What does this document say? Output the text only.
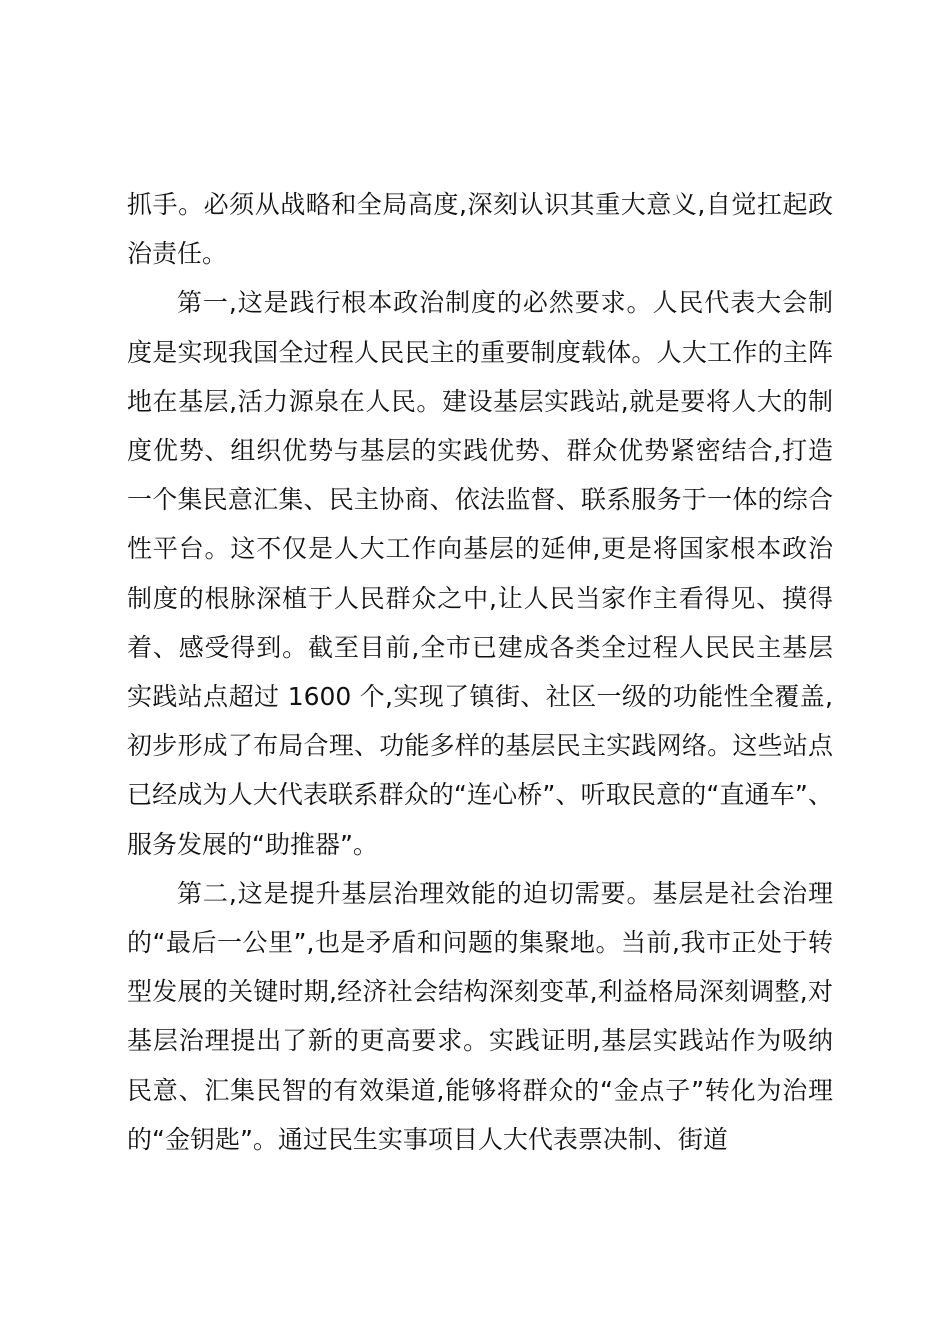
抓手。必须从战略和全局高度,深刻认识其重大意义,自觉扛起政治责任。

第一,这是践行根本政治制度的必然要求。人民代表大会制度是实现我国全过程人民民主的重要制度载体。人大工作的主阵地在基层,活力源泉在人民。建设基层实践站,就是要将人大的制度优势、组织优势与基层的实践优势、群众优势紧密结合,打造一个集民意汇集、民主协商、依法监督、联系服务于一体的综合性平台。这不仅是人大工作向基层的延伸,更是将国家根本政治制度的根脉深植于人民群众之中,让人民当家作主看得见、摸得着、感受得到。截至目前,全市已建成各类全过程人民民主基层实践站点超过 1600 个,实现了镇街、社区一级的功能性全覆盖,初步形成了布局合理、功能多样的基层民主实践网络。这些站点已经成为人大代表联系群众的“连心桥”、听取民意的“直通车”、服务发展的“助推器”。

第二,这是提升基层治理效能的迫切需要。基层是社会治理的“最后一公里”,也是矛盾和问题的集聚地。当前,我市正处于转型发展的关键时期,经济社会结构深刻变革,利益格局深刻调整,对基层治理提出了新的更高要求。实践证明,基层实践站作为吸纳民意、汇集民智的有效渠道,能够将群众的“金点子”转化为治理的“金钥匙”。通过民生实事项目人大代表票决制、街道
